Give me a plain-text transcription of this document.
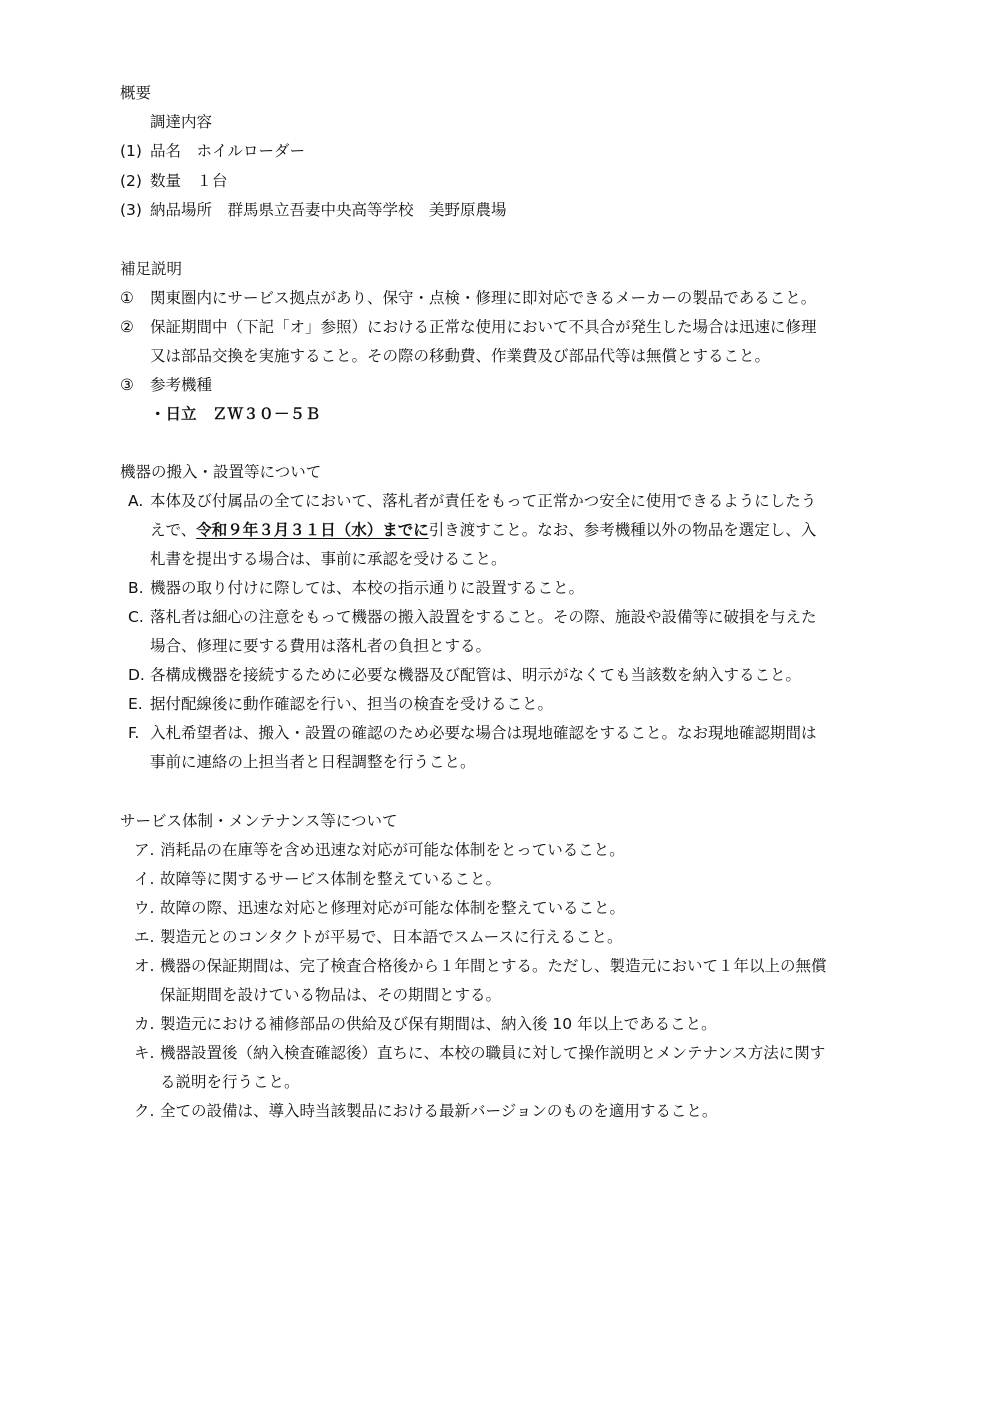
概要
調達内容
(1) 品名　ホイルローダー
(2) 数量　１台
(3) 納品場所　群馬県立吾妻中央高等学校　美野原農場
補足説明
① 関東圏内にサービス拠点があり、保守・点検・修理に即対応できるメーカーの製品であること。
② 保証期間中（下記「オ」参照）における正常な使用において不具合が発生した場合は迅速に修理
又は部品交換を実施すること。その際の移動費、作業費及び部品代等は無償とすること。
③ 参考機種
・日立　ＺＷ３０－５Ｂ
機器の搬入・設置等について
A. 本体及び付属品の全てにおいて、落札者が責任をもって正常かつ安全に使用できるようにしたう
えで、令和９年３月３１日（水）までに引き渡すこと。なお、参考機種以外の物品を選定し、入
札書を提出する場合は、事前に承認を受けること。
B. 機器の取り付けに際しては、本校の指示通りに設置すること。
C. 落札者は細心の注意をもって機器の搬入設置をすること。その際、施設や設備等に破損を与えた
場合、修理に要する費用は落札者の負担とする。
D. 各構成機器を接続するために必要な機器及び配管は、明示がなくても当該数を納入すること。
E. 据付配線後に動作確認を行い、担当の検査を受けること。
F. 入札希望者は、搬入・設置の確認のため必要な場合は現地確認をすること。なお現地確認期間は
事前に連絡の上担当者と日程調整を行うこと。
サービス体制・メンテナンス等について
ア. 消耗品の在庫等を含め迅速な対応が可能な体制をとっていること。
イ. 故障等に関するサービス体制を整えていること。
ウ. 故障の際、迅速な対応と修理対応が可能な体制を整えていること。
エ. 製造元とのコンタクトが平易で、日本語でスムースに行えること。
オ. 機器の保証期間は、完了検査合格後から１年間とする。ただし、製造元において１年以上の無償
保証期間を設けている物品は、その期間とする。
カ. 製造元における補修部品の供給及び保有期間は、納入後 10 年以上であること。
キ. 機器設置後（納入検査確認後）直ちに、本校の職員に対して操作説明とメンテナンス方法に関す
る説明を行うこと。
ク. 全ての設備は、導入時当該製品における最新バージョンのものを適用すること。
